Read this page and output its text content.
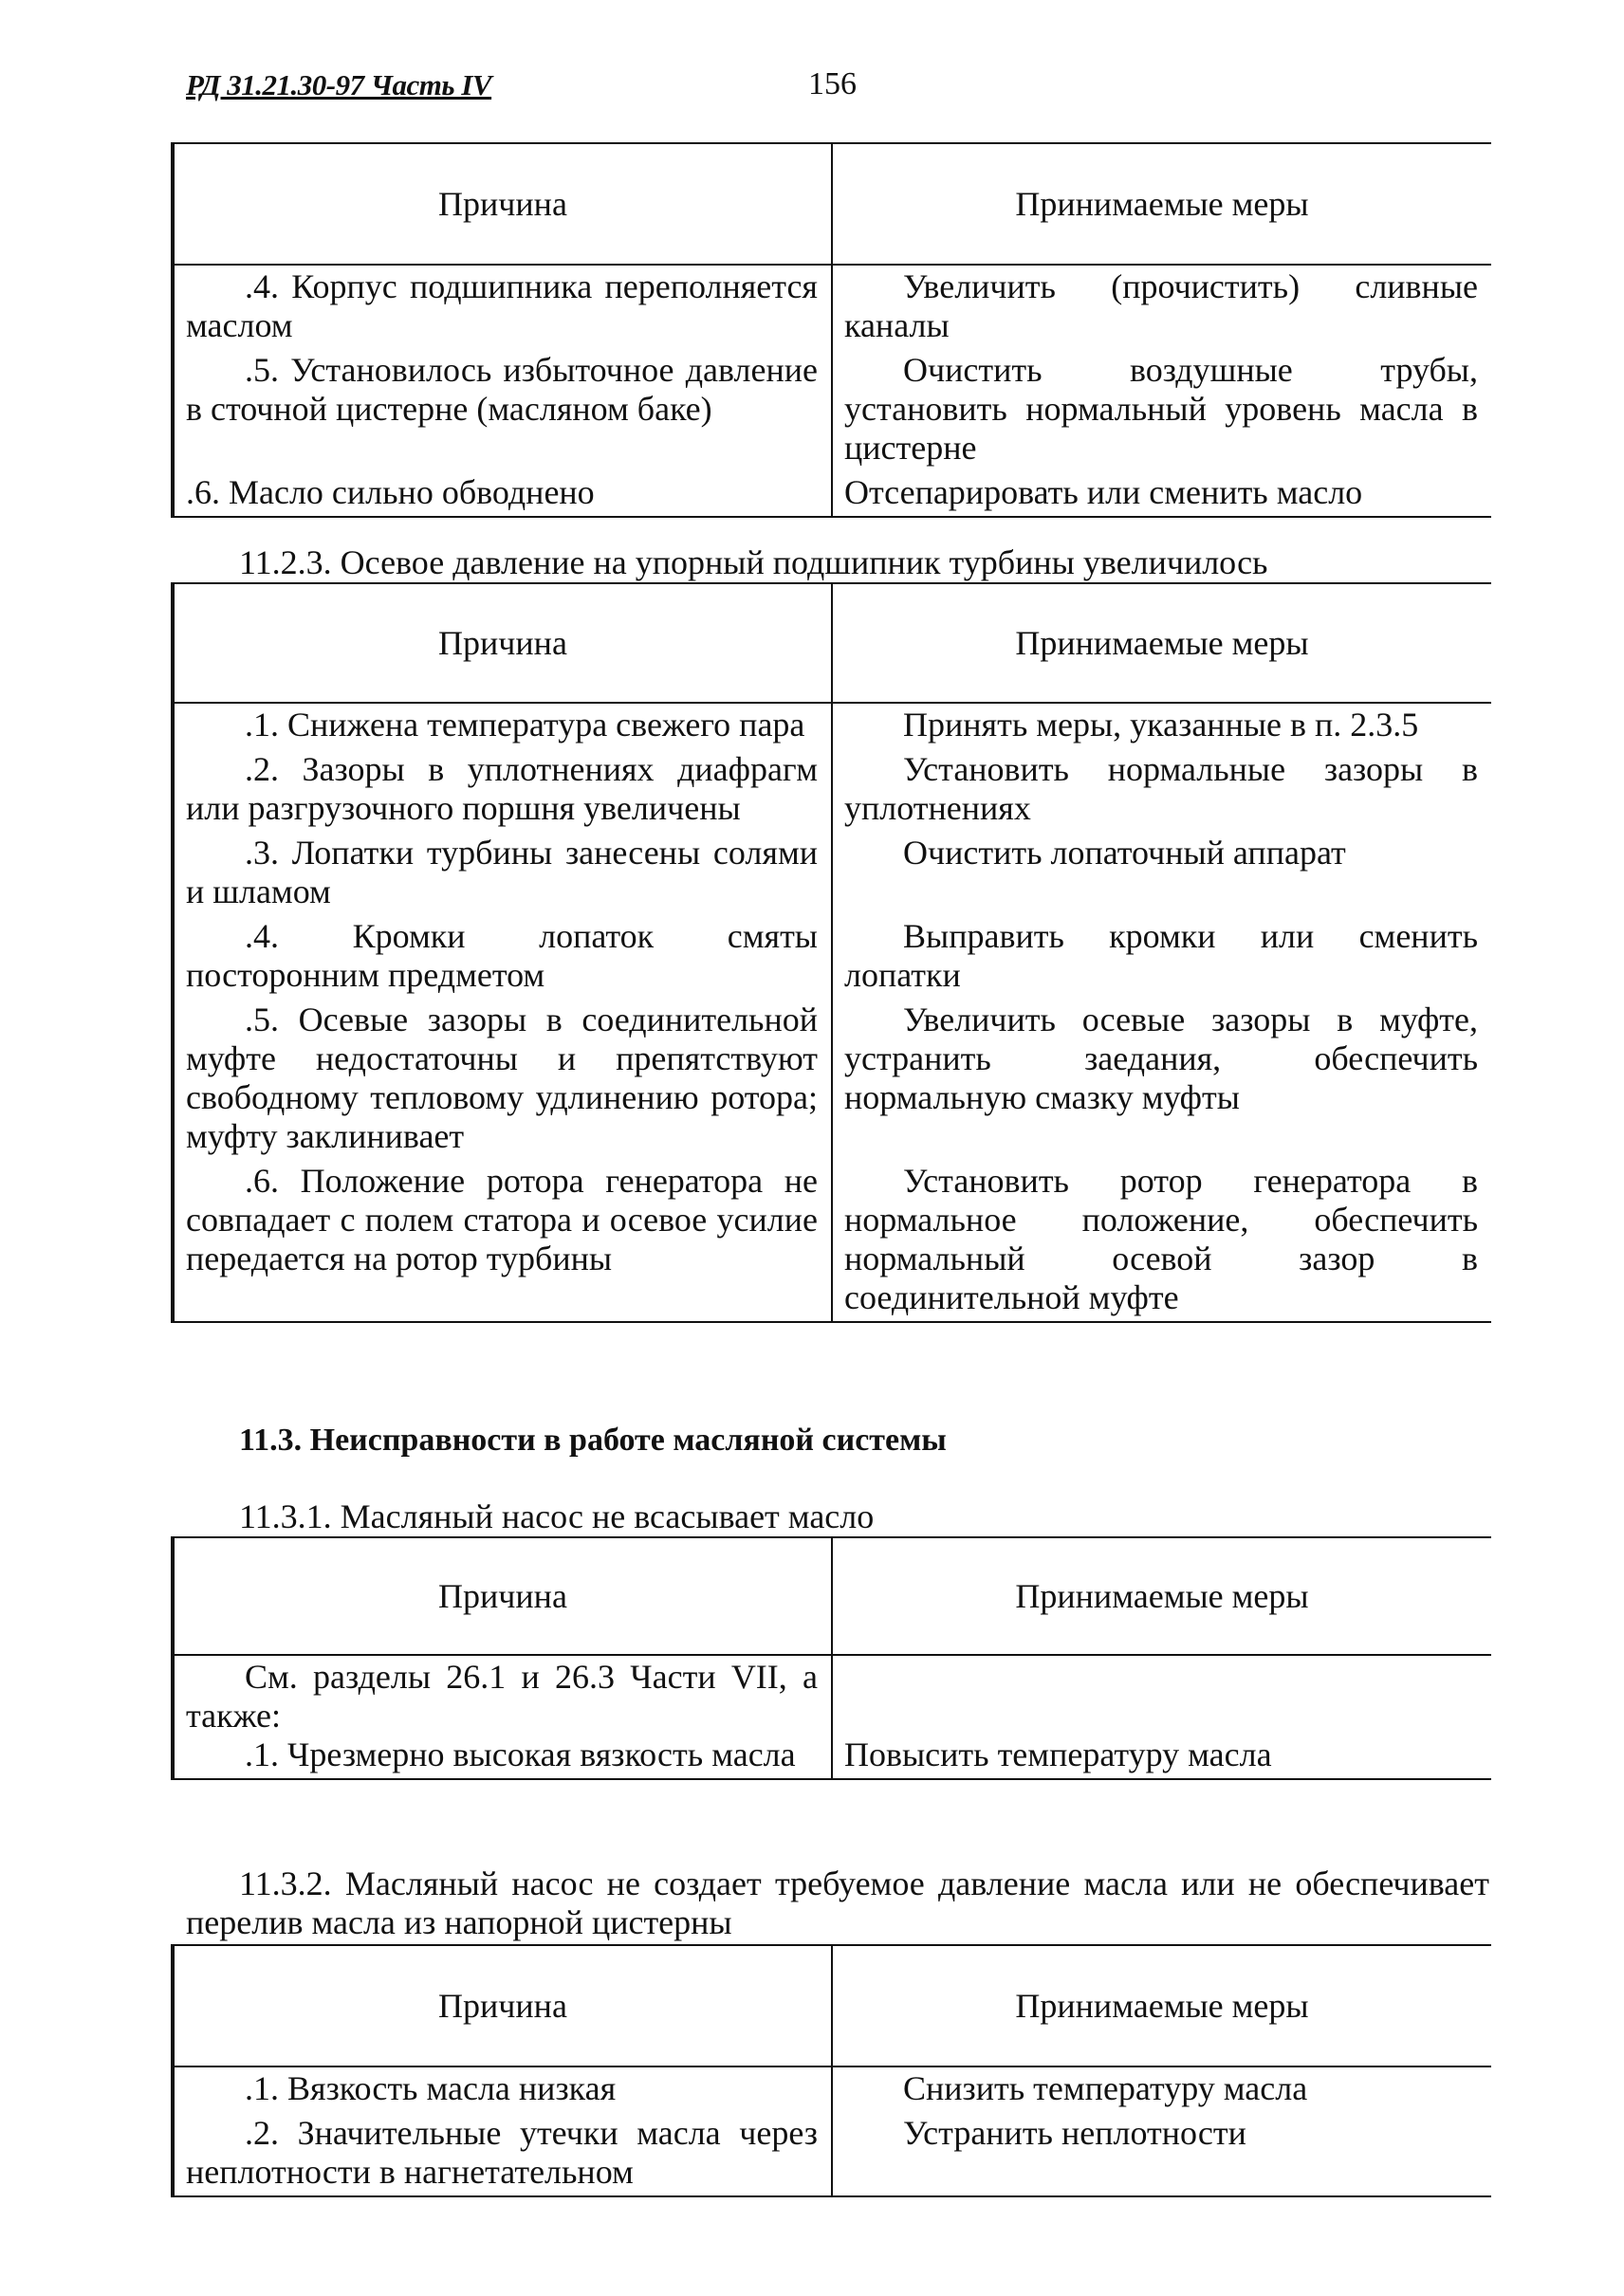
РД 31.21.30-97 Часть IV	156
Причина	Принимаемые меры

.4. Корпус подшипника переполняется маслом	Увеличить (прочистить) сливные каналы

.5. Установилось избыточное давление в сточной цистерне (масляном баке)	Очистить воздушные трубы, установить нормальный уровень масла в цистерне

.6. Масло сильно обводнено	Отсепарировать или сменить масло

11.2.3. Осевое давление на упорный подшипник турбины увеличилось
Причина	Принимаемые меры

.1. Снижена температура свежего пара	Принять меры, указанные в п. 2.3.5

.2. Зазоры в уплотнениях диафрагм или разгрузочного поршня увеличены	Установить нормальные зазоры в уплотнениях

.3. Лопатки турбины занесены солями и шламом	Очистить лопаточный аппарат

.4. Кромки лопаток смяты посторонним предметом	Выправить кромки или сменить лопатки

.5. Осевые зазоры в соединительной муфте недостаточны и препятствуют свободному тепловому удлинению ротора; муфту заклинивает	Увеличить осевые зазоры в муфте, устранить заедания, обеспечить нормальную смазку муфты

.6. Положение ротора генератора не совпадает с полем статора и осевое усилие передается на ротор турбины	Установить ротор генератора в нормальное положение, обеспечить нормальный осевой зазор в соединительной муфте

11.3. Неисправности в работе масляной системы
11.3.1. Масляный насос не всасывает масло
Причина	Принимаемые меры

См. разделы 26.1 и 26.3 Части VII, а также:

.1. Чрезмерно высокая вязкость масла	Повысить температуру масла

11.3.2. Масляный насос не создает требуемое давление масла или не обеспечивает перелив масла из напорной цистерны

Причина	Принимаемые меры

.1. Вязкость масла низкая	Снизить температуру масла

.2. Значительные утечки масла через неплотности в нагнетательном	Устранить неплотности
